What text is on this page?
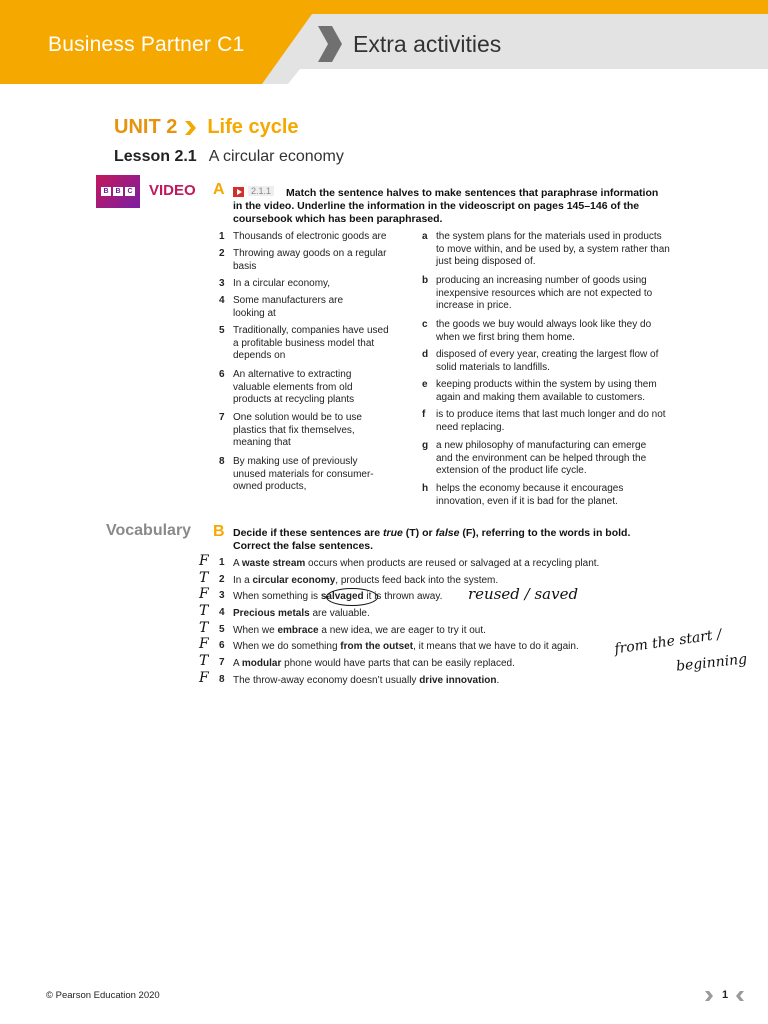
Business Partner C1	Extra activities
UNIT 2 Life cycle
Lesson 2.1 A circular economy
B B C VIDEO A	2.1.1 Match the sentence halves to make sentences that paraphrase information
in the video. Underline the information in the videoscript on pages 145–146 of the
coursebook which has been paraphrased.
1 Thousands of electronic goods are
2 Throwing away goods on a regular
basis
3 In a circular economy,
4 Some manufacturers are
looking at
5 Traditionally, companies have used
a profitable business model that
depends on
6 An alternative to extracting
valuable elements from old
products at recycling plants
7 One solution would be to use
plastics that fix themselves,
meaning that
8 By making use of previously
unused materials for consumer-
owned products,
a the system plans for the materials used in products
to move within, and be used by, a system rather than
just being disposed of.
b producing an increasing number of goods using
inexpensive resources which are not expected to
increase in price.
c the goods we buy would always look like they do
when we first bring them home.
d disposed of every year, creating the largest flow of
solid materials to landfills.
e keeping products within the system by using them
again and making them available to customers.
f is to produce items that last much longer and do not
need replacing.
g a new philosophy of manufacturing can emerge
and the environment can be helped through the
extension of the product life cycle.
h helps the economy because it encourages
innovation, even if it is bad for the planet.
Vocabulary B Decide if these sentences are true (T) or false (F), referring to the words in bold.
Correct the false sentences.
F 1 A waste stream occurs when products are reused or salvaged at a recycling plant.
T 2 In a circular economy, products feed back into the system.
F 3 When something is salvaged it is thrown away.
T 4 Precious metals are valuable.
T 5 When we embrace a new idea, we are eager to try it out.
F 6 When we do something from the outset, it means that we have to do it again.
T 7 A modular phone would have parts that can be easily replaced.
F 8 The throw-away economy doesn’t usually drive innovation.
reused / saved
from the start /
beginning
© Pearson Education 2020	1
